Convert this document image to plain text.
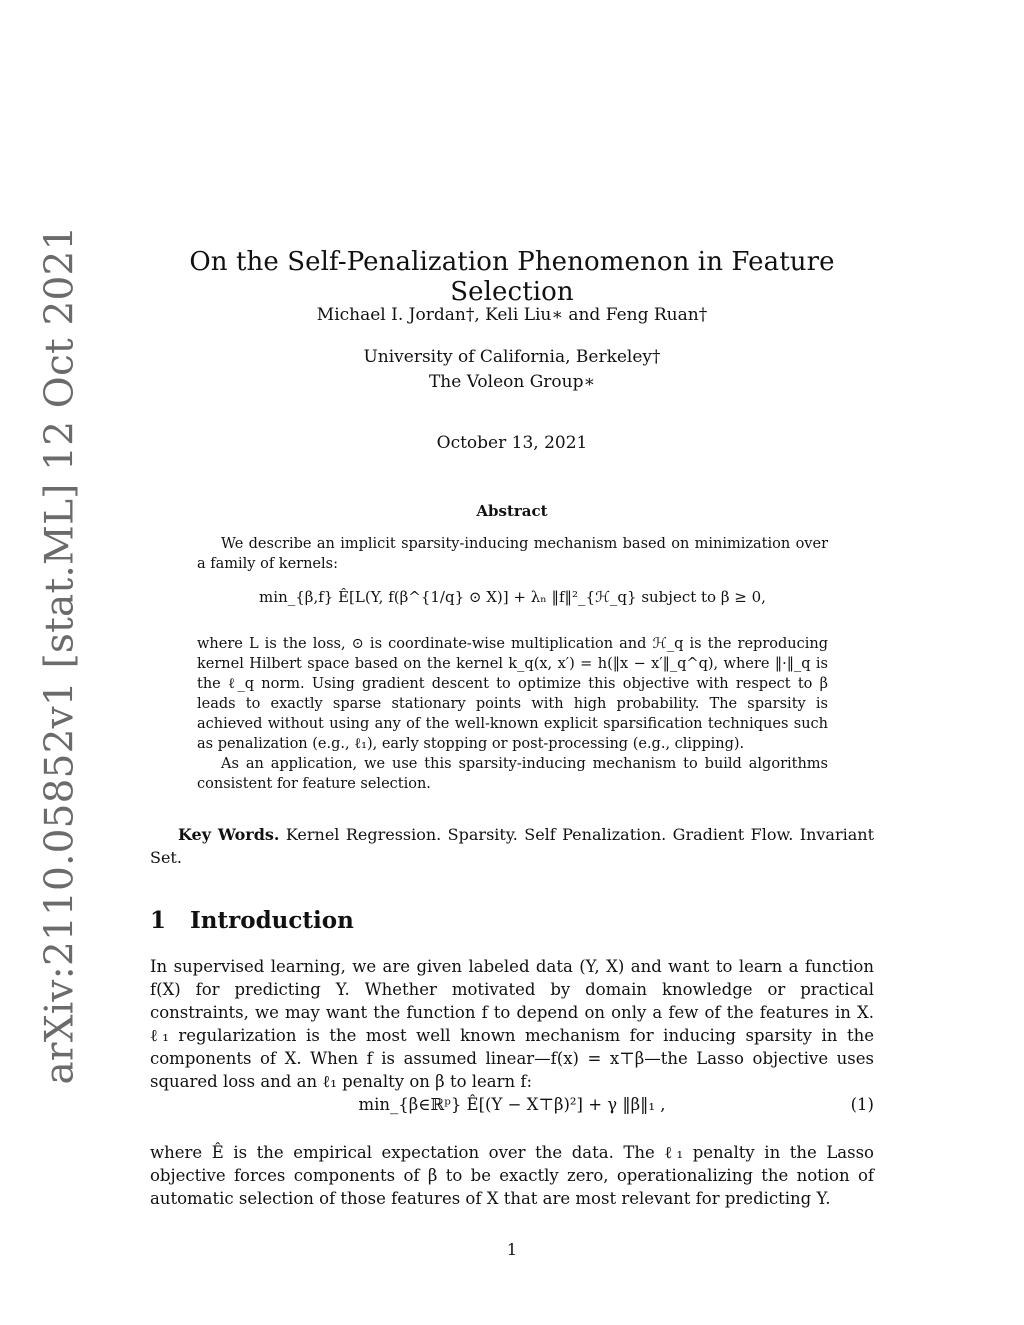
arXiv:2110.05852v1 [stat.ML] 12 Oct 2021	On the Self-Penalization Phenomenon in Feature Selection
Michael I. Jordan†, Keli Liu∗ and Feng Ruan†
University of California, Berkeley†
The Voleon Group∗
October 13, 2021
Abstract
We describe an implicit sparsity-inducing mechanism based on minimization over a family of kernels:
min_{β,f} Ê[L(Y, f(β^{1/q} ⊙ X)] + λₙ ‖f‖²_{ℋ_q} subject to β ≥ 0,
where L is the loss, ⊙ is coordinate-wise multiplication and ℋ_q is the reproducing kernel Hilbert space based on the kernel k_q(x, x′) = h(‖x − x′‖_q^q), where ‖·‖_q is the ℓ_q norm. Using gradient descent to optimize this objective with respect to β leads to exactly sparse stationary points with high probability. The sparsity is achieved without using any of the well-known explicit sparsification techniques such as penalization (e.g., ℓ₁), early stopping or post-processing (e.g., clipping).
As an application, we use this sparsity-inducing mechanism to build algorithms consistent for feature selection.
Key Words. Kernel Regression. Sparsity. Self Penalization. Gradient Flow. Invariant Set.
1 Introduction
In supervised learning, we are given labeled data (Y, X) and want to learn a function f(X) for predicting Y. Whether motivated by domain knowledge or practical constraints, we may want the function f to depend on only a few of the features in X. ℓ₁ regularization is the most well known mechanism for inducing sparsity in the components of X. When f is assumed linear—f(x) = x⊤β—the Lasso objective uses squared loss and an ℓ₁ penalty on β to learn f:
min_{β∈ℝᵖ} Ê[(Y − X⊤β)²] + γ ‖β‖₁ ,	(1)
where Ê is the empirical expectation over the data. The ℓ₁ penalty in the Lasso objective forces components of β to be exactly zero, operationalizing the notion of automatic selection of those features of X that are most relevant for predicting Y.
1
